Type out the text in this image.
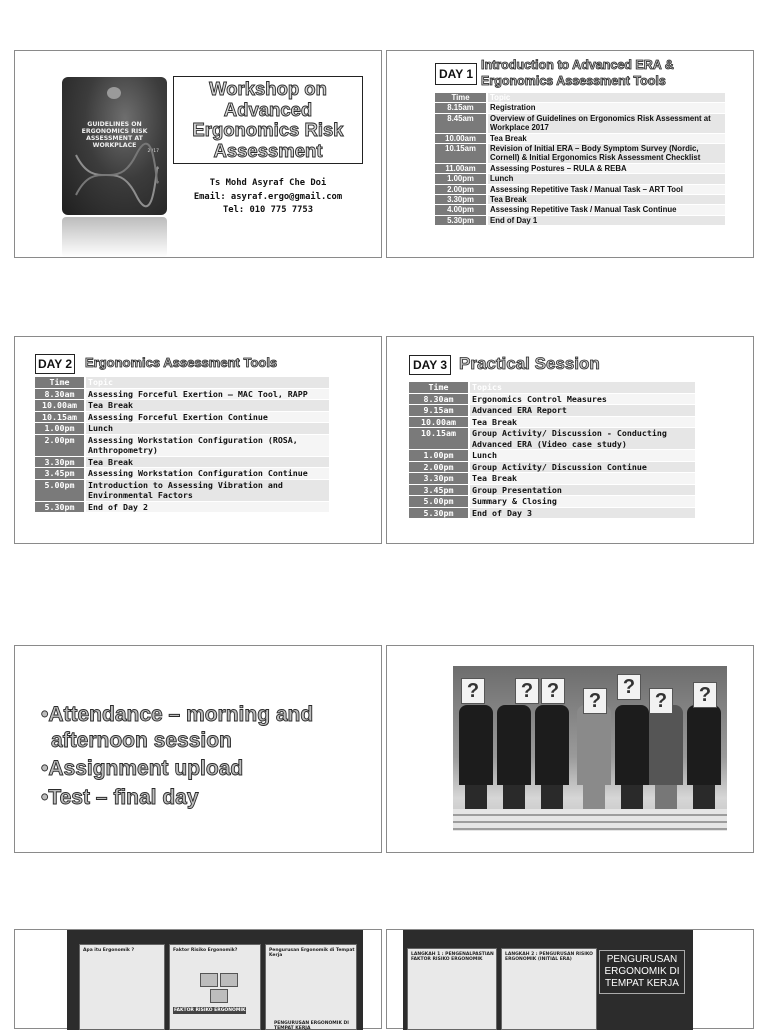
GUIDELINES ON ERGONOMICS RISK ASSESSMENT AT WORKPLACE
2017
Workshop on
Advanced
Ergonomics Risk
Assessment
Ts Mohd Asyraf Che Doi
Email: asyraf.ergo@gmail.com
Tel: 010 775 7753
DAY 1
Introduction to Advanced ERA & Ergonomics Assessment Tools
Time	Topic
8.15am	Registration
8.45am	Overview of Guidelines on Ergonomics Risk Assessment at Workplace 2017
10.00am	Tea Break
10.15am	Revision of Initial ERA – Body Symptom Survey (Nordic, Cornell) & Initial Ergonomics Risk Assessment Checklist
11.00am	Assessing Postures – RULA & REBA
1.00pm	Lunch
2.00pm	Assessing Repetitive Task / Manual Task – ART Tool
3.30pm	Tea Break
4.00pm	Assessing Repetitive Task / Manual Task Continue
5.30pm	End of Day 1
DAY 2 Ergonomics Assessment Tools
Time	Topic
8.30am	Assessing Forceful Exertion – MAC Tool, RAPP
10.00am	Tea Break
10.15am	Assessing Forceful Exertion Continue
1.00pm	Lunch
2.00pm	Assessing Workstation Configuration (ROSA, Anthropometry)
3.30pm	Tea Break
3.45pm	Assessing Workstation Configuration Continue
5.00pm	Introduction to Assessing Vibration and Environmental Factors
5.30pm	End of Day 2
DAY 3 Practical Session
Time	Topics
8.30am	Ergonomics Control Measures
9.15am	Advanced ERA Report
10.00am	Tea Break
10.15am	Group Activity/ Discussion - Conducting Advanced ERA (Video case study)
1.00pm	Lunch
2.00pm	Group Activity/ Discussion Continue
3.30pm	Tea Break
3.45pm	Group Presentation
5.00pm	Summary & Closing
5.30pm	End of Day 3
•Attendance – morning and afternoon session
•Assignment upload
•Test – final day
? ? ? ?
?
? ?
Apa itu Ergonomik ?	Faktor Risiko Ergonomik?
FAKTOR RISIKO ERGONOMIK
Pengurusan Ergonomik di Tempat Kerja
PENGURUSAN ERGONOMIK DI TEMPAT KERJA
LANGKAH 1 : PENGENALPASTIAN FAKTOR RISIKO ERGONOMIK
LANGKAH 2 : PENGURUSAN RISIKO ERGONOMIK (INITIAL ERA)	PENGURUSAN
ERGONOMIK DI
TEMPAT KERJA
